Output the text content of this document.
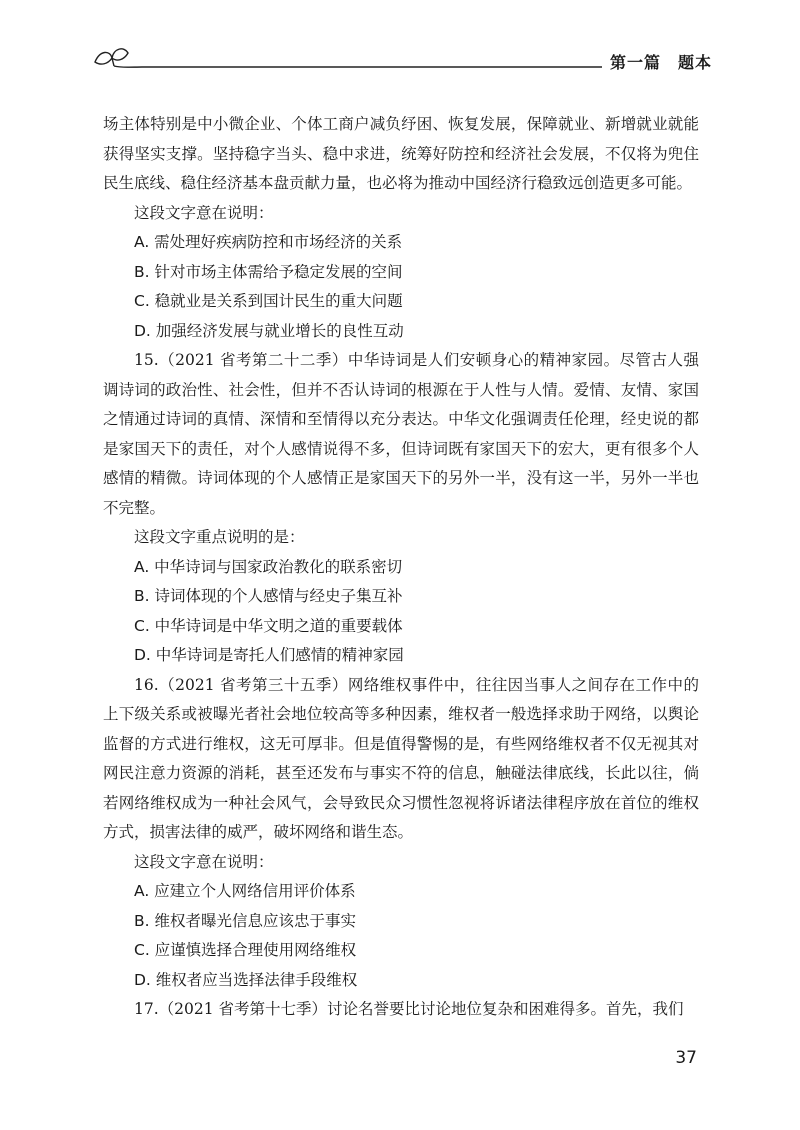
第一篇　题本

场主体特别是中小微企业、个体工商户减负纾困、恢复发展，保障就业、新增就业就能获得坚实支撑。坚持稳字当头、稳中求进，统筹好防控和经济社会发展，不仅将为兜住民生底线、稳住经济基本盘贡献力量，也必将为推动中国经济行稳致远创造更多可能。

这段文字意在说明：

A. 需处理好疾病防控和市场经济的关系

B. 针对市场主体需给予稳定发展的空间

C. 稳就业是关系到国计民生的重大问题

D. 加强经济发展与就业增长的良性互动

15.（2021 省考第二十二季）中华诗词是人们安顿身心的精神家园。尽管古人强调诗词的政治性、社会性，但并不否认诗词的根源在于人性与人情。爱情、友情、家国之情通过诗词的真情、深情和至情得以充分表达。中华文化强调责任伦理，经史说的都是家国天下的责任，对个人感情说得不多，但诗词既有家国天下的宏大，更有很多个人感情的精微。诗词体现的个人感情正是家国天下的另外一半，没有这一半，另外一半也不完整。

这段文字重点说明的是：

A. 中华诗词与国家政治教化的联系密切

B. 诗词体现的个人感情与经史子集互补

C. 中华诗词是中华文明之道的重要载体

D. 中华诗词是寄托人们感情的精神家园

16.（2021 省考第三十五季）网络维权事件中，往往因当事人之间存在工作中的上下级关系或被曝光者社会地位较高等多种因素，维权者一般选择求助于网络，以舆论监督的方式进行维权，这无可厚非。但是值得警惕的是，有些网络维权者不仅无视其对网民注意力资源的消耗，甚至还发布与事实不符的信息，触碰法律底线，长此以往，倘若网络维权成为一种社会风气，会导致民众习惯性忽视将诉诸法律程序放在首位的维权方式，损害法律的威严，破坏网络和谐生态。

这段文字意在说明：

A. 应建立个人网络信用评价体系

B. 维权者曝光信息应该忠于事实

C. 应谨慎选择合理使用网络维权

D. 维权者应当选择法律手段维权

17.（2021 省考第十七季）讨论名誉要比讨论地位复杂和困难得多。首先，我们

37
